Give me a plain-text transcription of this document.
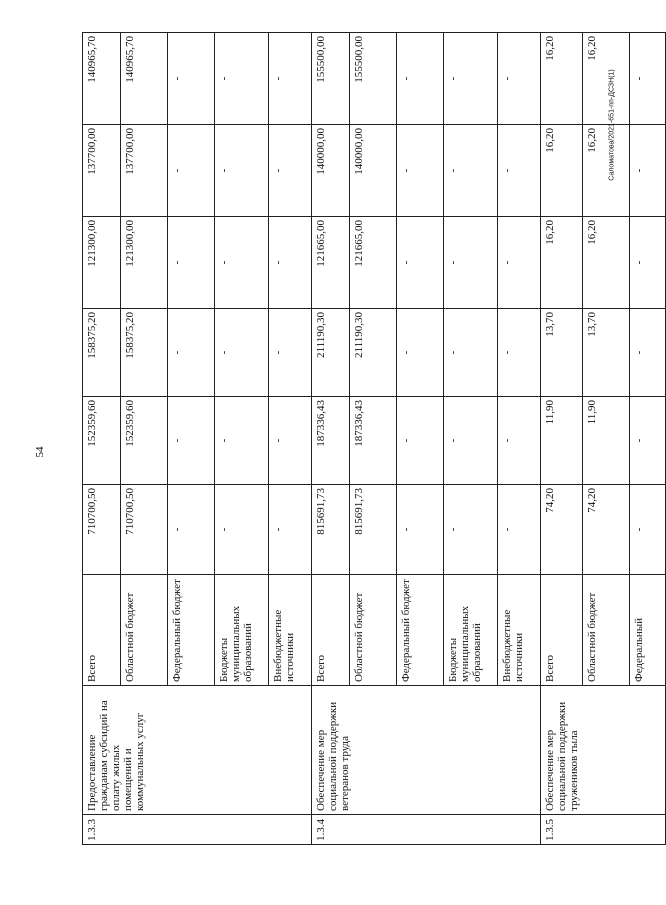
54
Саломатова/2021-651-пп-ДСЗН(1)
1.3.3	Предоставление гражданам субсидий на оплату жилых помещений и коммунальных услуг	Всего	710700,50	152359,60	158375,20	121300,00	137700,00	140965,70
		Областной бюджет	710700,50	152359,60	158375,20	121300,00	137700,00	140965,70
		Федеральный бюджет	-	-	-	-	-	-
		Бюджеты муниципальных образований	-	-	-	-	-	-
		Внебюджетные источники	-	-	-	-	-	-
1.3.4	Обеспечение мер социальной поддержки ветеранов труда	Всего	815691,73	187336,43	211190,30	121665,00	140000,00	155500,00
		Областной бюджет	815691,73	187336,43	211190,30	121665,00	140000,00	155500,00
		Федеральный бюджет	-	-	-	-	-	-
		Бюджеты муниципальных образований	-	-	-	-	-	-
		Внебюджетные источники	-	-	-	-	-	-
1.3.5	Обеспечение мер социальной поддержки тружеников тыла	Всего	74,20	11,90	13,70	16,20	16,20	16,20
		Областной бюджет	74,20	11,90	13,70	16,20	16,20	16,20
		Федеральный	-	-	-	-	-	-
